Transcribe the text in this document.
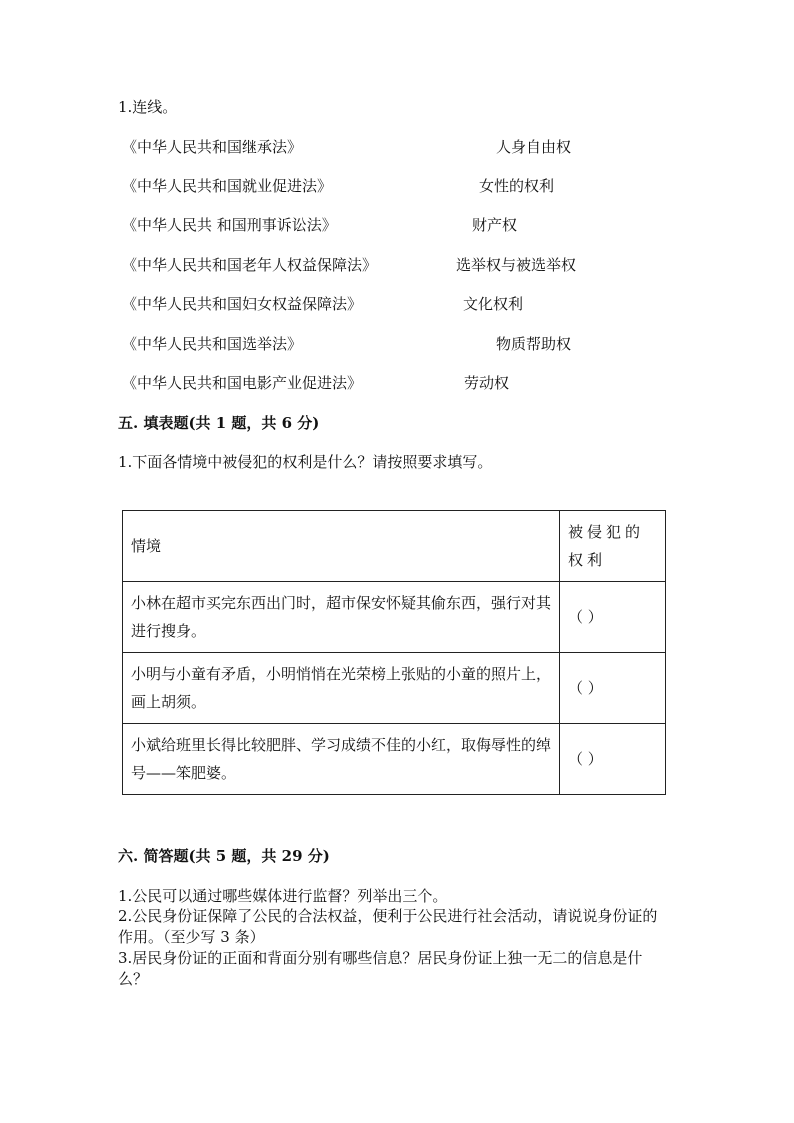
1.连线。
《中华人民共和国继承法》	人身自由权
《中华人民共和国就业促进法》	女性的权利
《中华人民共 和国刑事诉讼法》	财产权
《中华人民共和国老年人权益保障法》	选举权与被选举权
《中华人民共和国妇女权益保障法》	文化权利
《中华人民共和国选举法》	物质帮助权
《中华人民共和国电影产业促进法》	劳动权
五. 填表题(共 1 题，共 6 分)
1.下面各情境中被侵犯的权利是什么？请按照要求填写。
情境	被侵犯的权利
小林在超市买完东西出门时，超市保安怀疑其偷东西，强行对其进行搜身。	（ ）
小明与小童有矛盾，小明悄悄在光荣榜上张贴的小童的照片上，画上胡须。	（ ）
小斌给班里长得比较肥胖、学习成绩不佳的小红，取侮辱性的绰号——笨肥婆。	（ ）
六. 简答题(共 5 题，共 29 分)
1.公民可以通过哪些媒体进行监督？列举出三个。
2.公民身份证保障了公民的合法权益，便利于公民进行社会活动，请说说身份证的作用。（至少写 3 条）
3.居民身份证的正面和背面分别有哪些信息？居民身份证上独一无二的信息是什么？
